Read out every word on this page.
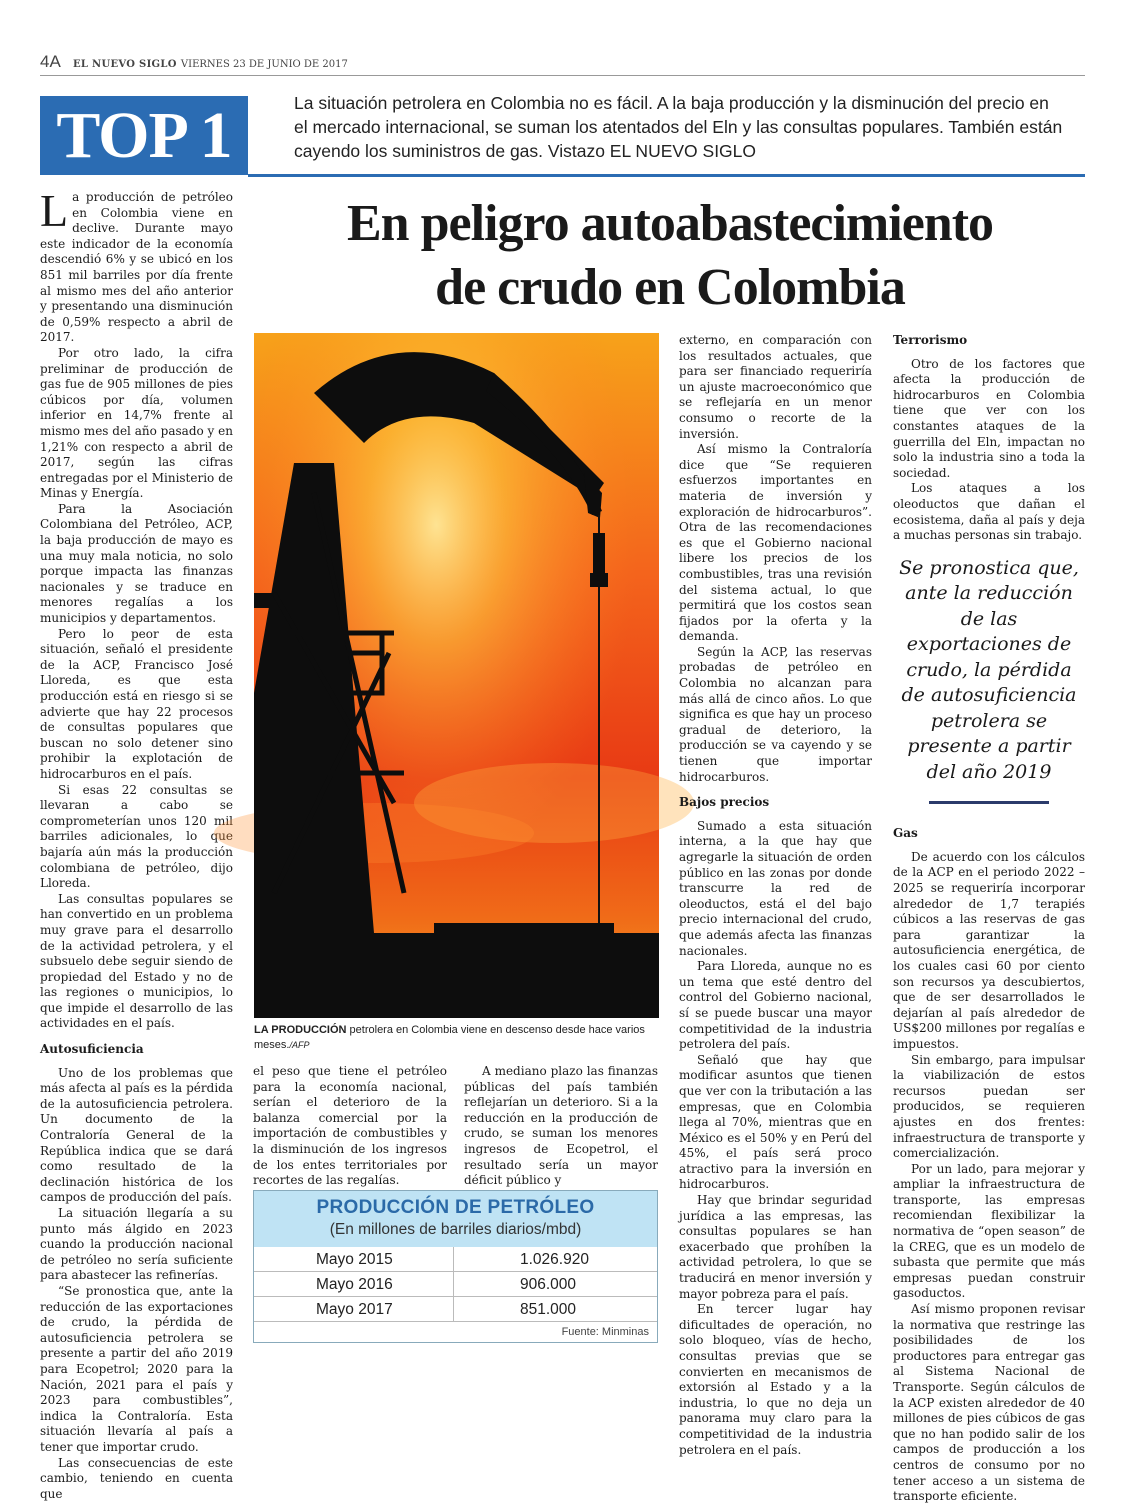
4A EL NUEVO SIGLO VIERNES 23 DE JUNIO DE 2017
TOP 1	La situación petrolera en Colombia no es fácil. A la baja producción y la disminución del precio en el mercado internacional, se suman los atentados del Eln y las consultas populares. También están cayendo los suministros de gas. Vistazo EL NUEVO SIGLO
En peligro autoabastecimiento
de crudo en Colombia

La producción de petróleo en Colombia viene en declive. Durante mayo este indicador de la economía descendió 6% y se ubicó en los 851 mil barriles por día frente al mismo mes del año anterior y presentando una disminución de 0,59% respecto a abril de 2017.

Por otro lado, la cifra preliminar de producción de gas fue de 905 millones de pies cúbicos por día, volumen inferior en 14,7% frente al mismo mes del año pasado y en 1,21% con respecto a abril de 2017, según las cifras entregadas por el Ministerio de Minas y Energía.

Para la Asociación Colombiana del Petróleo, ACP, la baja producción de mayo es una muy mala noticia, no solo porque impacta las finanzas nacionales y se traduce en menores regalías a los municipios y departamentos.

Pero lo peor de esta situación, señaló el presidente de la ACP, Francisco José Lloreda, es que esta producción está en riesgo si se advierte que hay 22 procesos de consultas populares que buscan no solo detener sino prohibir la explotación de hidrocarburos en el país.

Si esas 22 consultas se llevaran a cabo se comprometerían unos 120 mil barriles adicionales, lo que bajaría aún más la producción colombiana de petróleo, dijo Lloreda.

Las consultas populares se han convertido en un problema muy grave para el desarrollo de la actividad petrolera, y el subsuelo debe seguir siendo de propiedad del Estado y no de las regiones o municipios, lo que impide el desarrollo de las actividades en el país.

Autosuficiencia

Uno de los problemas que más afecta al país es la pérdida de la autosuficiencia petrolera. Un documento de la Contraloría General de la República indica que se dará como resultado de la declinación histórica de los campos de producción del país.

La situación llegaría a su punto más álgido en 2023 cuando la producción nacional de petróleo no sería suficiente para abastecer las refinerías.

“Se pronostica que, ante la reducción de las exportaciones de crudo, la pérdida de autosuficiencia petrolera se presente a partir del año 2019 para Ecopetrol; 2020 para la Nación, 2021 para el país y 2023 para combustibles”, indica la Contraloría. Esta situación llevaría al país a tener que importar crudo.

Las consecuencias de este cambio, teniendo en cuenta que

LA PRODUCCIÓN petrolera en Colombia viene en descenso desde hace varios meses./AFP

el peso que tiene el petróleo para la economía nacional, serían el deterioro de la balanza comercial por la importación de combustibles y la disminución de los ingresos de los entes territoriales por recortes de las regalías.

A mediano plazo las finanzas públicas del país también reflejarían un deterioro. Si a la reducción en la producción de crudo, se suman los menores ingresos de Ecopetrol, el resultado sería un mayor déficit público y

PRODUCCIÓN DE PETRÓLEO
(En millones de barriles diarios/mbd)
Mayo 2015	1.026.920
Mayo 2016	906.000
Mayo 2017	851.000
Fuente: Minminas

externo, en comparación con los resultados actuales, que para ser financiado requeriría un ajuste macroeconómico que se reflejaría en un menor consumo o recorte de la inversión.

Así mismo la Contraloría dice que “Se requieren esfuerzos importantes en materia de inversión y exploración de hidrocarburos”. Otra de las recomendaciones es que el Gobierno nacional libere los precios de los combustibles, tras una revisión del sistema actual, lo que permitirá que los costos sean fijados por la oferta y la demanda.

Según la ACP, las reservas probadas de petróleo en Colombia no alcanzan para más allá de cinco años. Lo que significa es que hay un proceso gradual de deterioro, la producción se va cayendo y se tienen que importar hidrocarburos.

Bajos precios

Sumado a esta situación interna, a la que hay que agregarle la situación de orden público en las zonas por donde transcurre la red de oleoductos, está el del bajo precio internacional del crudo, que además afecta las finanzas nacionales.

Para Lloreda, aunque no es un tema que esté dentro del control del Gobierno nacional, sí se puede buscar una mayor competitividad de la industria petrolera del país.

Señaló que hay que modificar asuntos que tienen que ver con la tributación a las empresas, que en Colombia llega al 70%, mientras que en México es el 50% y en Perú del 45%, el país será proco atractivo para la inversión en hidrocarburos.

Hay que brindar seguridad jurídica a las empresas, las consultas populares se han exacerbado que prohíben la actividad petrolera, lo que se traducirá en menor inversión y mayor pobreza para el país.

En tercer lugar hay dificultades de operación, no solo bloqueo, vías de hecho, consultas previas que se convierten en mecanismos de extorsión al Estado y a la industria, lo que no deja un panorama muy claro para la competitividad de la industria petrolera en el país.

Terrorismo

Otro de los factores que afecta la producción de hidrocarburos en Colombia tiene que ver con los constantes ataques de la guerrilla del Eln, impactan no solo la industria sino a toda la sociedad.

Los ataques a los oleoductos que dañan el ecosistema, daña al país y deja a muchas personas sin trabajo.

Se pronostica que, ante la reducción de las exportaciones de crudo, la pérdida de autosuficiencia petrolera se presente a partir del año 2019
Gas

De acuerdo con los cálculos de la ACP en el periodo 2022 – 2025 se requeriría incorporar alrededor de 1,7 terapiés cúbicos a las reservas de gas para garantizar la autosuficiencia energética, de los cuales casi 60 por ciento son recursos ya descubiertos, que de ser desarrollados le dejarían al país alrededor de US$200 millones por regalías e impuestos.

Sin embargo, para impulsar la viabilización de estos recursos puedan ser producidos, se requieren ajustes en dos frentes: infraestructura de transporte y comercialización.

Por un lado, para mejorar y ampliar la infraestructura de transporte, las empresas recomiendan flexibilizar la normativa de “open season” de la CREG, que es un modelo de subasta que permite que más empresas puedan construir gasoductos.

Así mismo proponen revisar la normativa que restringe las posibilidades de los productores para entregar gas al Sistema Nacional de Transporte. Según cálculos de la ACP existen alrededor de 40 millones de pies cúbicos de gas que no han podido salir de los campos de producción a los centros de consumo por no tener acceso a un sistema de transporte eficiente.
